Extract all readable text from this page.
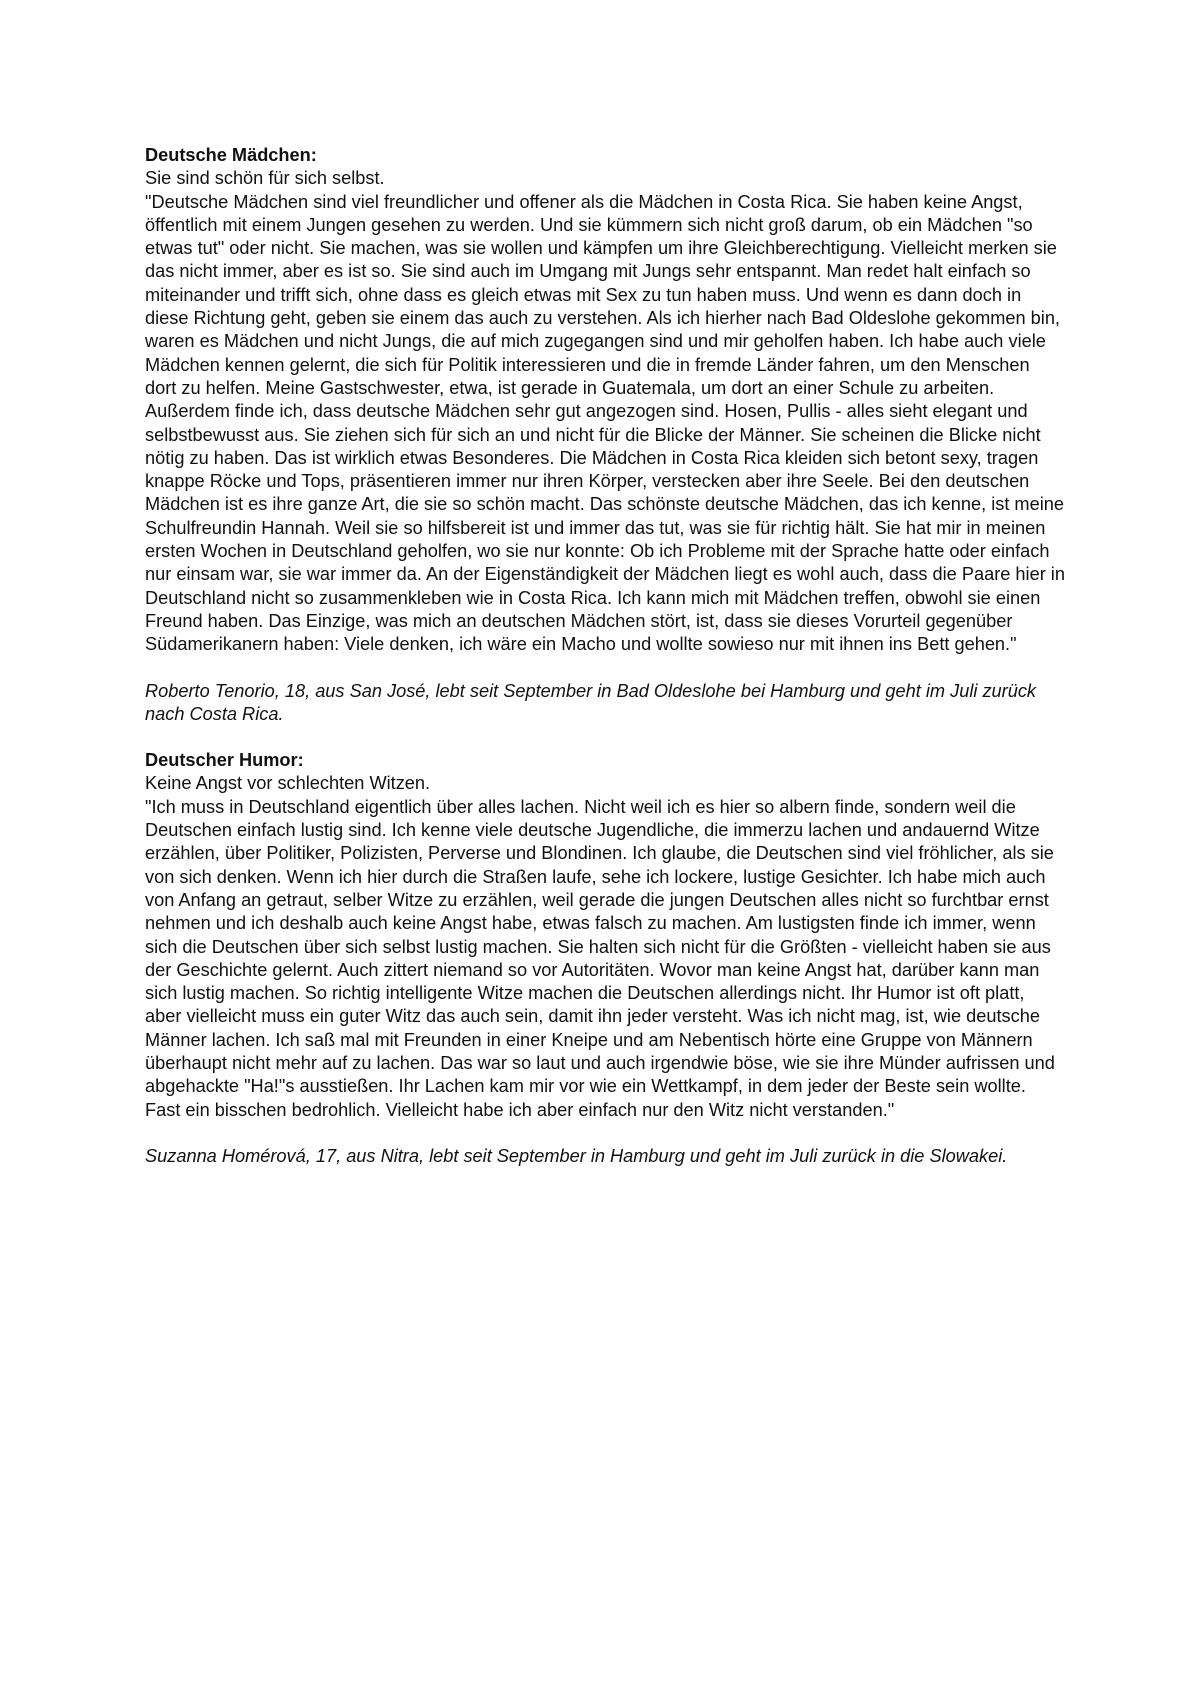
Deutsche Mädchen:

Sie sind schön für sich selbst.

"Deutsche Mädchen sind viel freundlicher und offener als die Mädchen in Costa Rica. Sie haben keine Angst, öffentlich mit einem Jungen gesehen zu werden. Und sie kümmern sich nicht groß darum, ob ein Mädchen "so etwas tut" oder nicht. Sie machen, was sie wollen und kämpfen um ihre Gleichberechtigung. Vielleicht merken sie das nicht immer, aber es ist so. Sie sind auch im Umgang mit Jungs sehr entspannt. Man redet halt einfach so miteinander und trifft sich, ohne dass es gleich etwas mit Sex zu tun haben muss. Und wenn es dann doch in diese Richtung geht, geben sie einem das auch zu verstehen. Als ich hierher nach Bad Oldeslohe gekommen bin, waren es Mädchen und nicht Jungs, die auf mich zugegangen sind und mir geholfen haben. Ich habe auch viele Mädchen kennen gelernt, die sich für Politik interessieren und die in fremde Länder fahren, um den Menschen dort zu helfen. Meine Gastschwester, etwa, ist gerade in Guatemala, um dort an einer Schule zu arbeiten. Außerdem finde ich, dass deutsche Mädchen sehr gut angezogen sind. Hosen, Pullis - alles sieht elegant und selbstbewusst aus. Sie ziehen sich für sich an und nicht für die Blicke der Männer. Sie scheinen die Blicke nicht nötig zu haben. Das ist wirklich etwas Besonderes. Die Mädchen in Costa Rica kleiden sich betont sexy, tragen knappe Röcke und Tops, präsentieren immer nur ihren Körper, verstecken aber ihre Seele. Bei den deutschen Mädchen ist es ihre ganze Art, die sie so schön macht. Das schönste deutsche Mädchen, das ich kenne, ist meine Schulfreundin Hannah. Weil sie so hilfsbereit ist und immer das tut, was sie für richtig hält. Sie hat mir in meinen ersten Wochen in Deutschland geholfen, wo sie nur konnte: Ob ich Probleme mit der Sprache hatte oder einfach nur einsam war, sie war immer da. An der Eigenständigkeit der Mädchen liegt es wohl auch, dass die Paare hier in Deutschland nicht so zusammenkleben wie in Costa Rica. Ich kann mich mit Mädchen treffen, obwohl sie einen Freund haben. Das Einzige, was mich an deutschen Mädchen stört, ist, dass sie dieses Vorurteil gegenüber Südamerikanern haben: Viele denken, ich wäre ein Macho und wollte sowieso nur mit ihnen ins Bett gehen."

Roberto Tenorio, 18, aus San José, lebt seit September in Bad Oldeslohe bei Hamburg und geht im Juli zurück nach Costa Rica.

Deutscher Humor:

Keine Angst vor schlechten Witzen.

"Ich muss in Deutschland eigentlich über alles lachen. Nicht weil ich es hier so albern finde, sondern weil die Deutschen einfach lustig sind. Ich kenne viele deutsche Jugendliche, die immerzu lachen und andauernd Witze erzählen, über Politiker, Polizisten, Perverse und Blondinen. Ich glaube, die Deutschen sind viel fröhlicher, als sie von sich denken. Wenn ich hier durch die Straßen laufe, sehe ich lockere, lustige Gesichter. Ich habe mich auch von Anfang an getraut, selber Witze zu erzählen, weil gerade die jungen Deutschen alles nicht so furchtbar ernst nehmen und ich deshalb auch keine Angst habe, etwas falsch zu machen. Am lustigsten finde ich immer, wenn sich die Deutschen über sich selbst lustig machen. Sie halten sich nicht für die Größten - vielleicht haben sie aus der Geschichte gelernt. Auch zittert niemand so vor Autoritäten. Wovor man keine Angst hat, darüber kann man sich lustig machen. So richtig intelligente Witze machen die Deutschen allerdings nicht. Ihr Humor ist oft platt, aber vielleicht muss ein guter Witz das auch sein, damit ihn jeder versteht. Was ich nicht mag, ist, wie deutsche Männer lachen. Ich saß mal mit Freunden in einer Kneipe und am Nebentisch hörte eine Gruppe von Männern überhaupt nicht mehr auf zu lachen. Das war so laut und auch irgendwie böse, wie sie ihre Münder aufrissen und abgehackte "Ha!"s ausstießen. Ihr Lachen kam mir vor wie ein Wettkampf, in dem jeder der Beste sein wollte. Fast ein bisschen bedrohlich. Vielleicht habe ich aber einfach nur den Witz nicht verstanden."

Suzanna Homérová, 17, aus Nitra, lebt seit September in Hamburg und geht im Juli zurück in die Slowakei.
